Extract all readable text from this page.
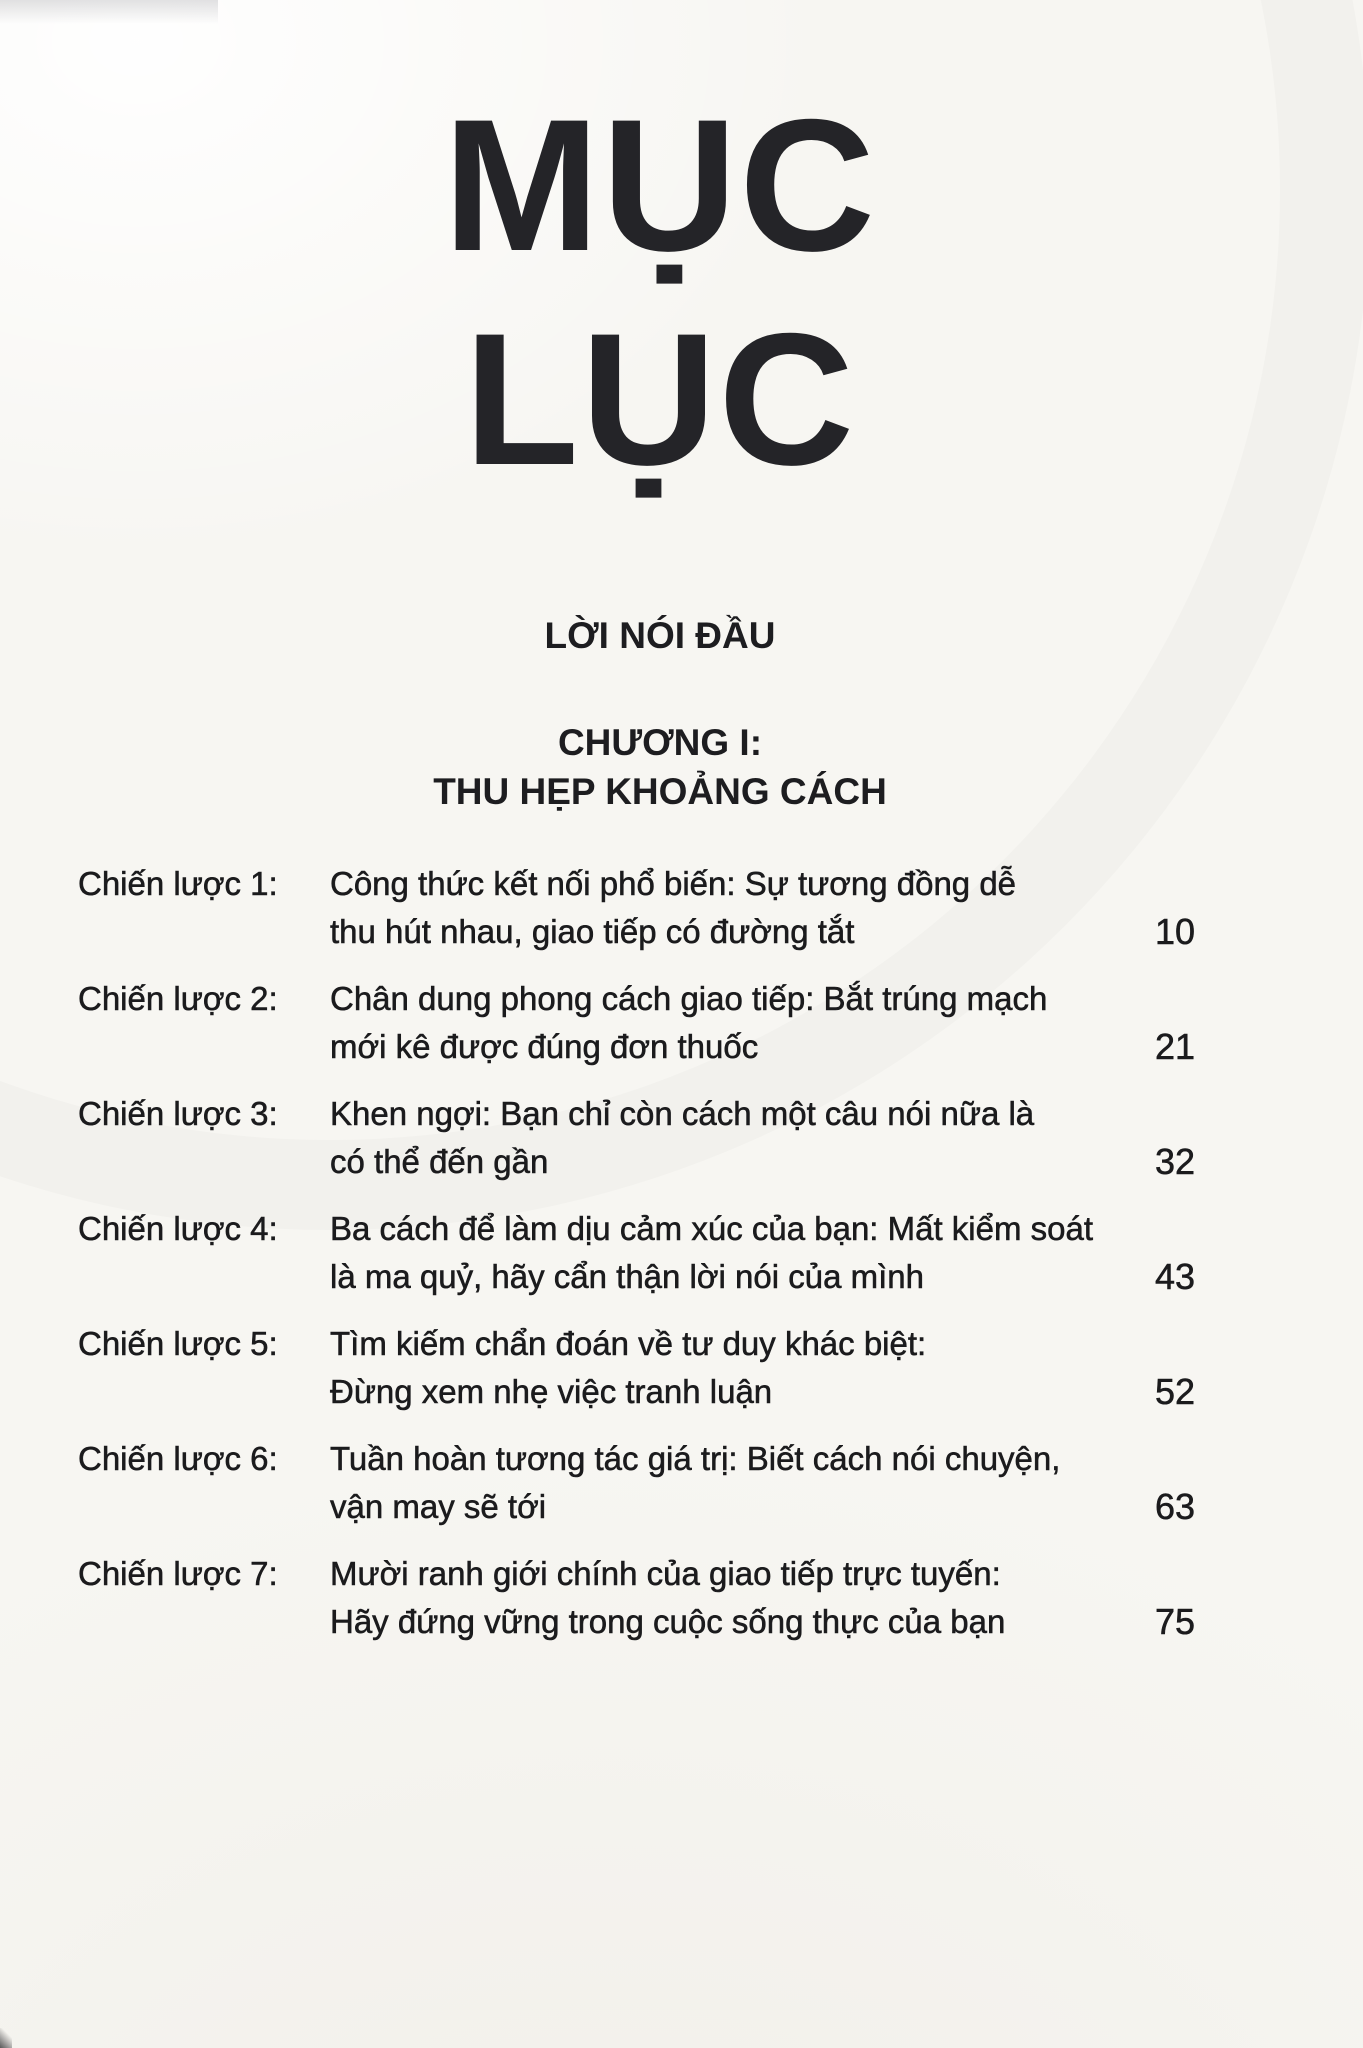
MỤC
LỤC
LỜI NÓI ĐẦU
CHƯƠNG I:
THU HẸP KHOẢNG CÁCH
Chiến lược 1:	Công thức kết nối phổ biến: Sự tương đồng dễ
thu hút nhau, giao tiếp có đường tắt	10
Chiến lược 2:	Chân dung phong cách giao tiếp: Bắt trúng mạch
mới kê được đúng đơn thuốc	21
Chiến lược 3:	Khen ngợi: Bạn chỉ còn cách một câu nói nữa là
có thể đến gần	32
Chiến lược 4:	Ba cách để làm dịu cảm xúc của bạn: Mất kiểm soát
là ma quỷ, hãy cẩn thận lời nói của mình	43
Chiến lược 5:	Tìm kiếm chẩn đoán về tư duy khác biệt:
Đừng xem nhẹ việc tranh luận	52
Chiến lược 6:	Tuần hoàn tương tác giá trị: Biết cách nói chuyện,
vận may sẽ tới	63
Chiến lược 7:	Mười ranh giới chính của giao tiếp trực tuyến:
Hãy đứng vững trong cuộc sống thực của bạn	75
